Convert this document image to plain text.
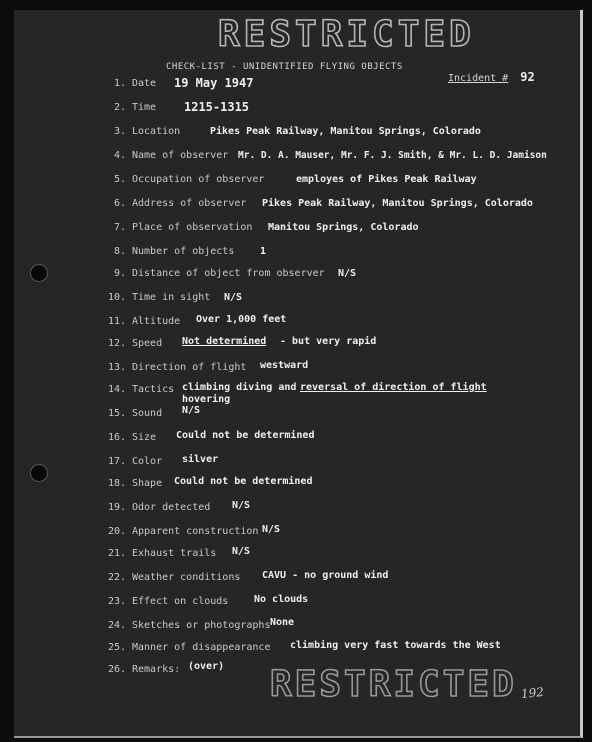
RESTRICTED
CHECK-LIST - UNIDENTIFIED FLYING OBJECTS
Incident # 92
1. Date 19 May 1947
2. Time 1215-1315
3. Location	Pikes Peak Railway, Manitou Springs, Colorado
4. Name of observer Mr. D. A. Mauser, Mr. F. J. Smith, & Mr. L. D. Jamison
5. Occupation of observer	employes of Pikes Peak Railway
6. Address of observer Pikes Peak Railway, Manitou Springs, Colorado
7. Place of observation Manitou Springs, Colorado
8. Number of objects	1
9. Distance of object from observer N/S
10. Time in sight N/S
11. Altitude Over 1,000 feet
12. Speed Not determined - but very rapid
13. Direction of flight westward
14. Tactics climbing diving and reversal of direction of flight
hovering
15. Sound N/S
16. Size Could not be determined
17. Color silver
18. Shape Could not be determined
19. Odor detected N/S
20. Apparent construction N/S
21. Exhaust trails N/S
22. Weather conditions CAVU - no ground wind
23. Effect on clouds	No clouds
24. Sketches or photographs None
25. Manner of disappearance climbing very fast towards the West
26. Remarks: (over) RESTRICTED 192
